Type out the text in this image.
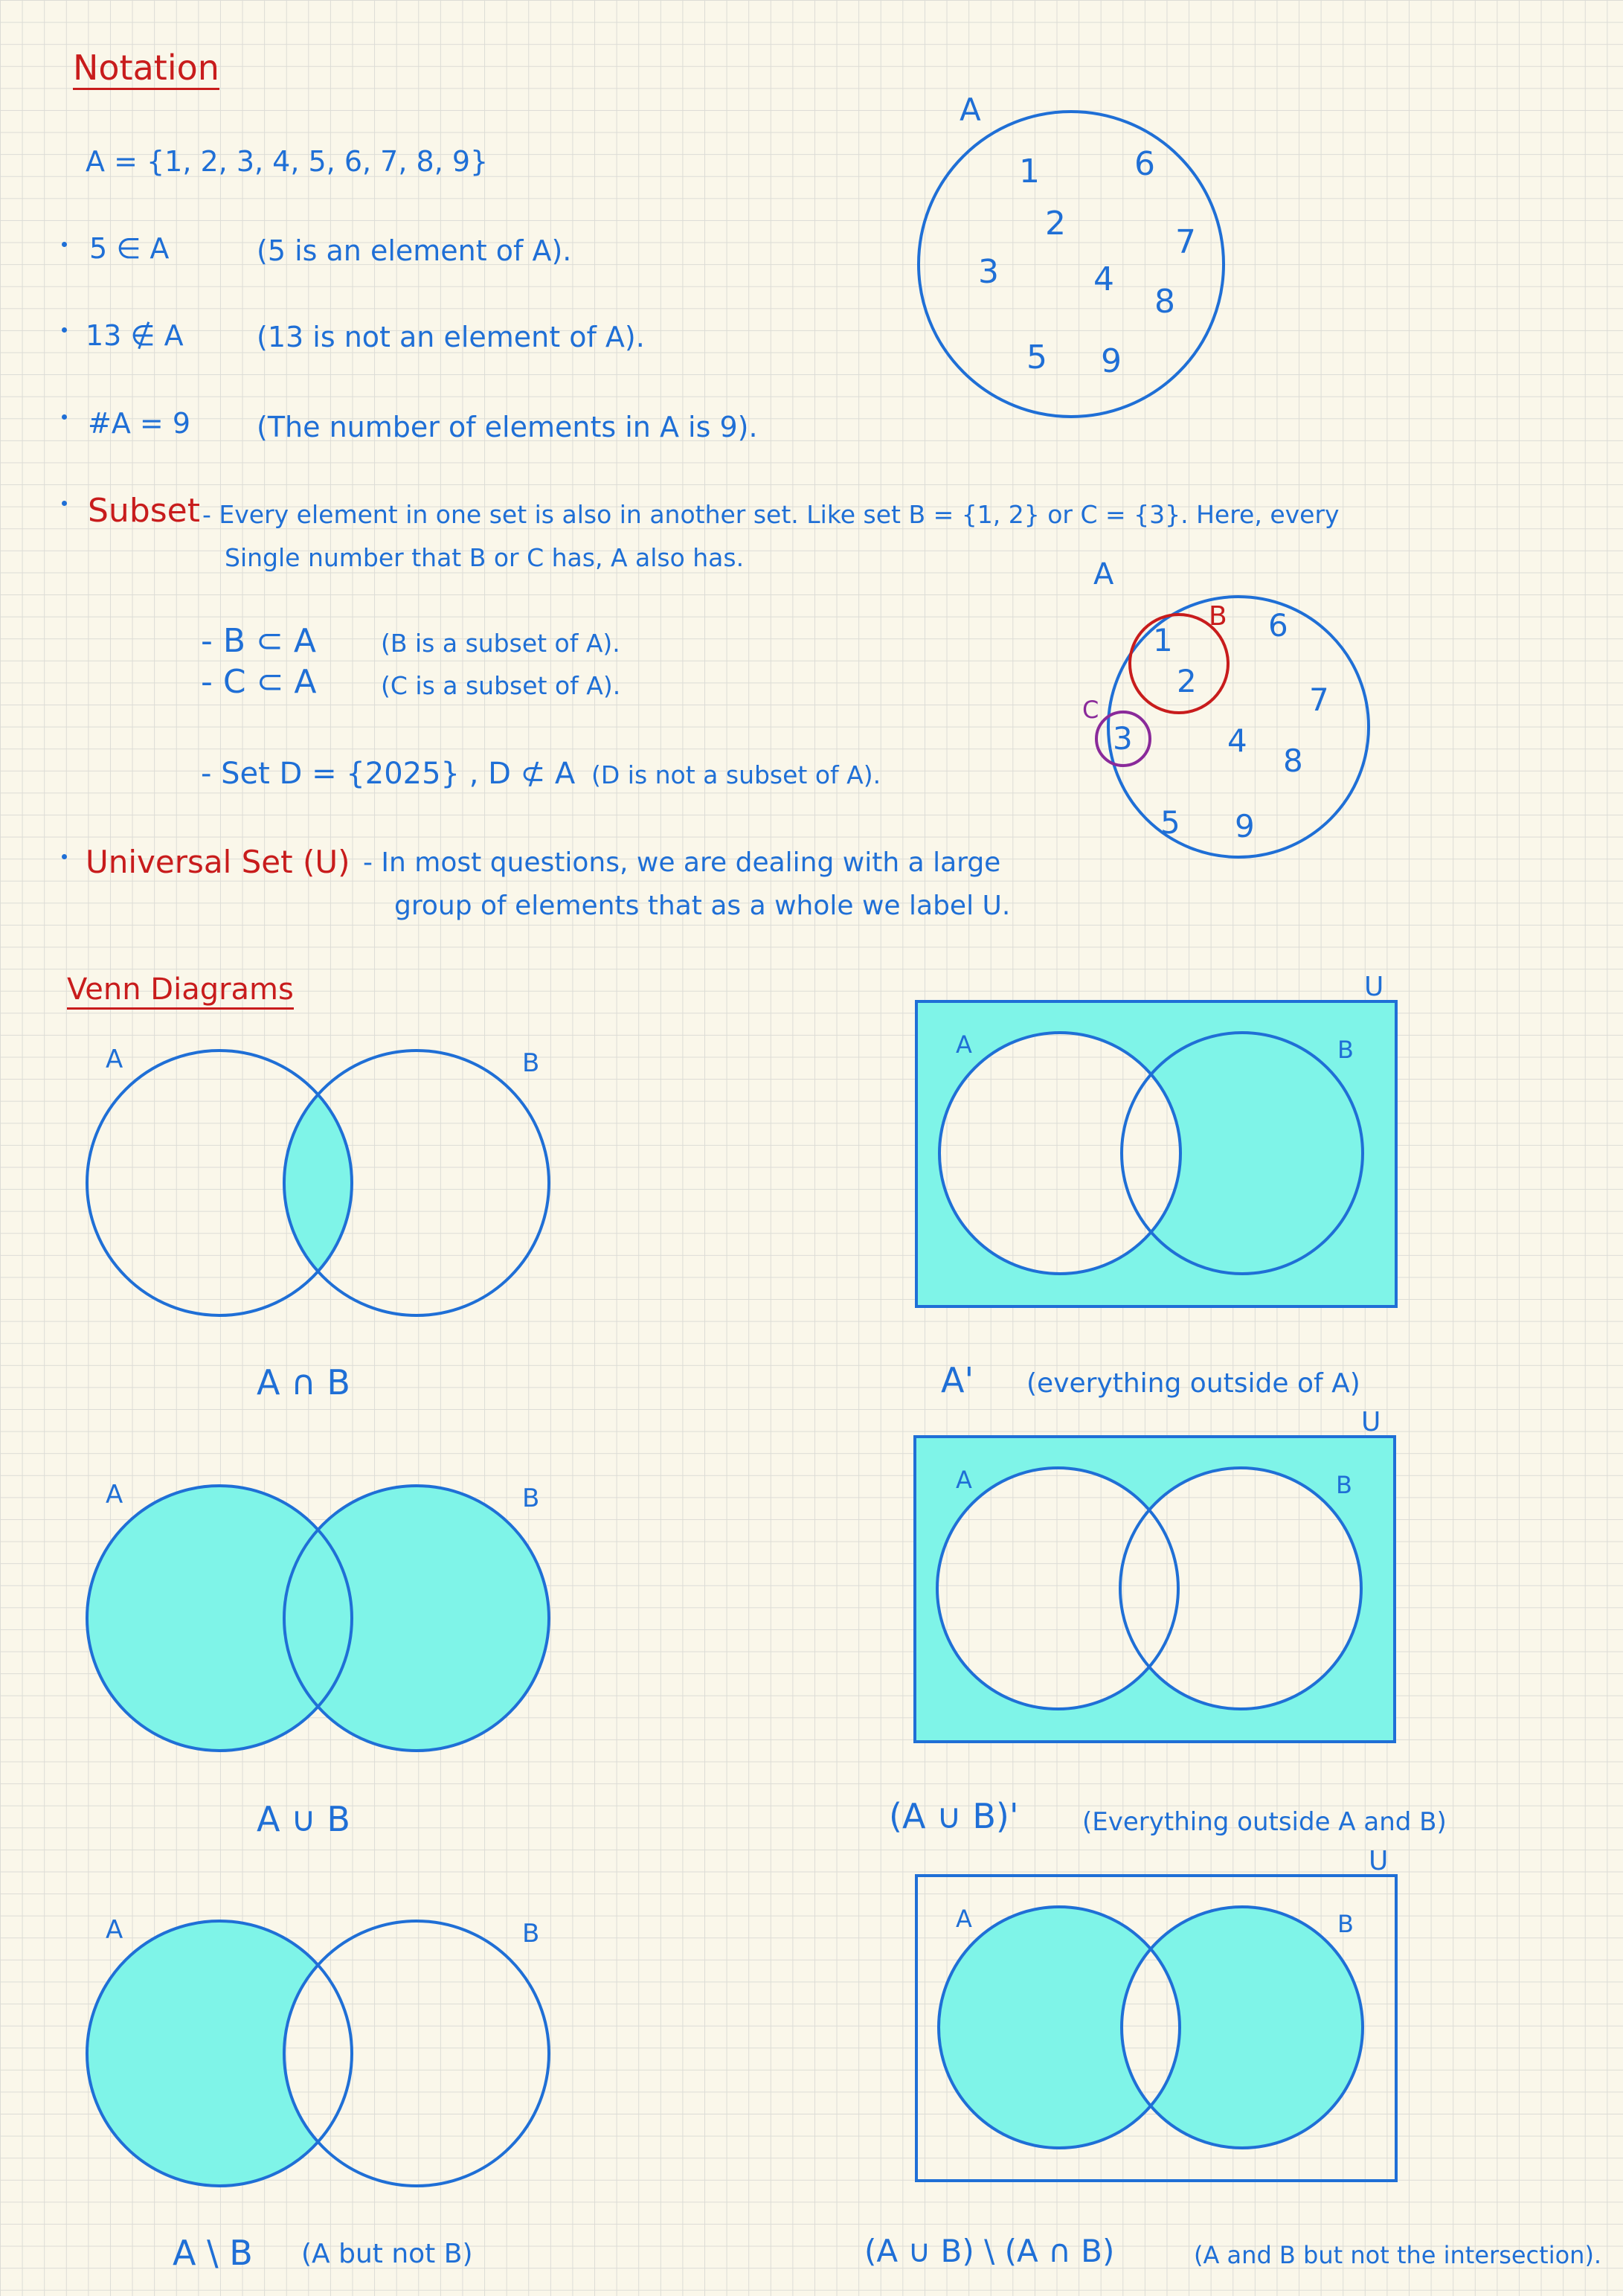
Notation
A = {1, 2, 3, 4, 5, 6, 7, 8, 9}
5 ∈ A	(5 is an element of A).
13 ∉ A	(13 is not an element of A).
#A = 9 (The number of elements in A is 9).
A
1	6
2	7
3	4
8
5 9
Subset - Every element in one set is also in another set. Like set B = {1, 2} or C = {3}. Here, every
Single number that B or C has, A also has.
- B ⊂ A	(B is a subset of A).
- C ⊂ A	(C is a subset of A).
- Set D = {2025} , D ⊄ A (D is not a subset of A).
A
B
C
1
2
3
6
7
4
8
5 9
Universal Set (U) - In most questions, we are dealing with a large
group of elements that as a whole we label U.
Venn Diagrams
A	B
A ∩ B
A	B
U
A' (everything outside of A)
A	B
A ∪ B
A	B
U
(A ∪ B)'	(Everything outside A and B)
A	B
A \ B (A but not B)
A	B
U
(A ∪ B) \ (A ∩ B)	(A and B but not the intersection).
